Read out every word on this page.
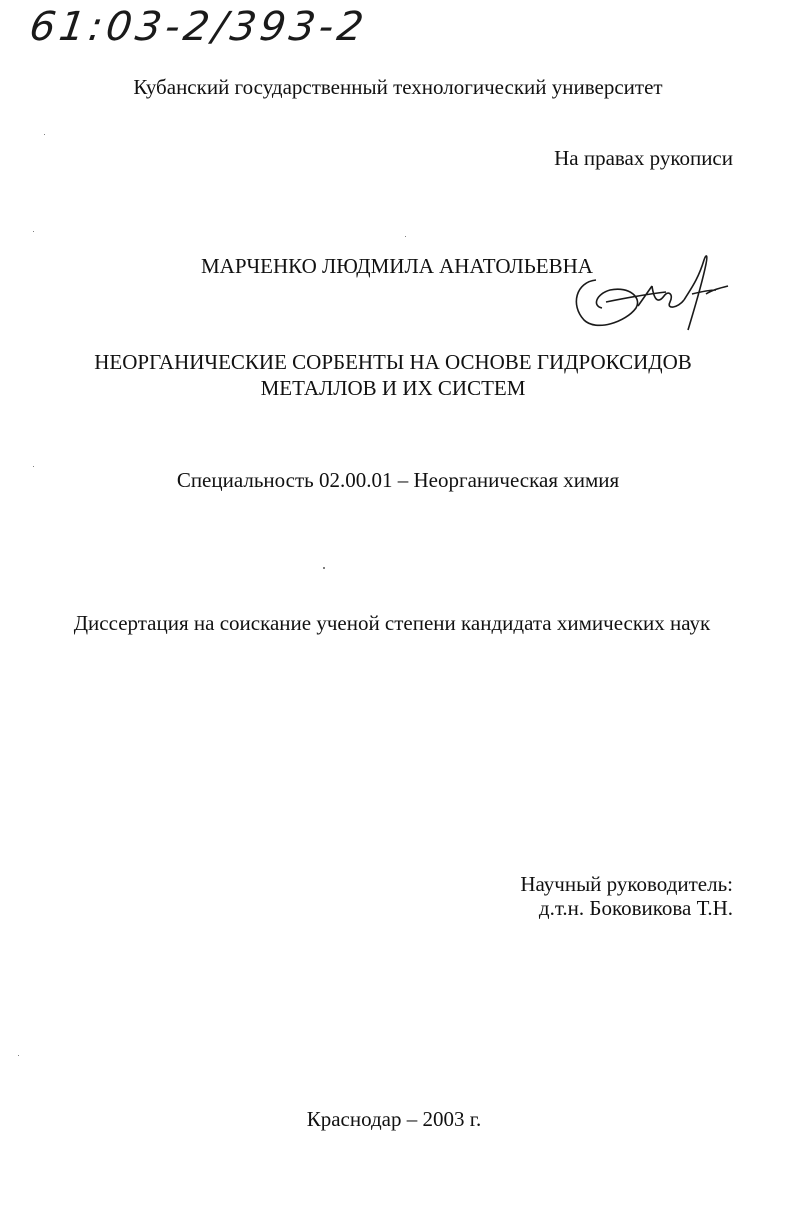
61:03-2/393-2
Кубанский государственный технологический университет
На правах рукописи
МАРЧЕНКО ЛЮДМИЛА АНАТОЛЬЕВНА
НЕОРГАНИЧЕСКИЕ СОРБЕНТЫ НА ОСНОВЕ ГИДРОКСИДОВ
МЕТАЛЛОВ И ИХ СИСТЕМ
Специальность 02.00.01 – Неорганическая химия
Диссертация на соискание ученой степени кандидата химических наук
Научный руководитель:
д.т.н. Боковикова Т.Н.
Краснодар – 2003 г.
